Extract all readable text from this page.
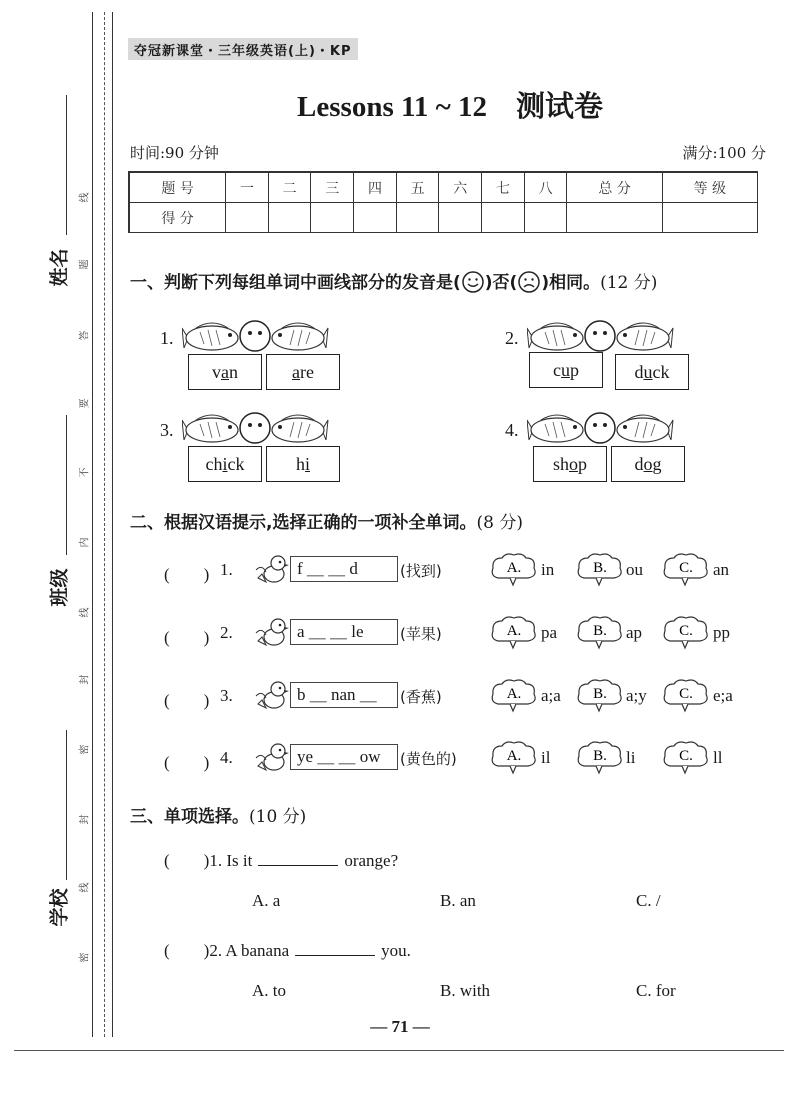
姓名
班级
学校
线
题
答
要
不
内
线
封
密
封
线
密
夺冠新课堂・三年级英语(上)・KP
Lessons 11 ~ 12　测试卷
时间:90 分钟	满分:100 分
题 号	一	二	三	四	五	六	七	八	总 分	等 级
得 分										
一、判断下列每组单词中画线部分的发音是( )否( )相同。(12 分)
1.
van	are
2.
cup	duck
3.
chick	hi
4.
shop	dog
二、根据汉语提示,选择正确的一项补全单词。(8 分)
(　　) 1.	f ＿ ＿ d	(找到)	A. in	B. ou C. an
(　　) 2.	a ＿ ＿ le	(苹果)	A. pa B. ap C. pp
(　　) 3.	b ＿ nan ＿	(香蕉)	A. a;a B. a;y C. e;a
(　　) 4.	ye ＿ ＿ ow	(黄色的)	A. il	B. li	C. ll
三、单项选择。(10 分)
(　　)1. Is it	orange?
A. a	B. an	C. /
(　　)2. A banana	you.
A. to	B. with	C. for
— 71 —
